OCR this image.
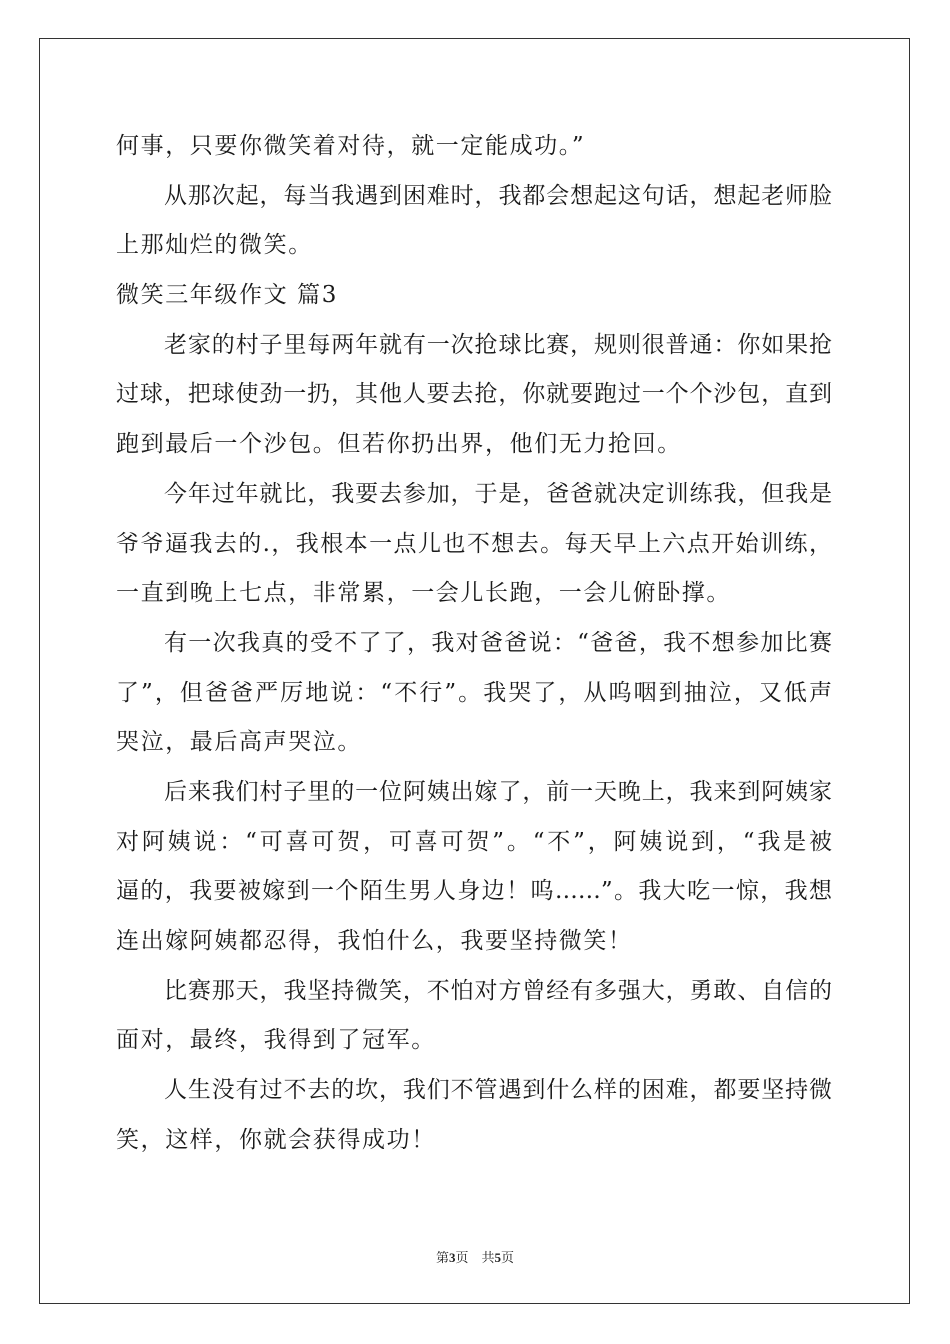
何事，只要你微笑着对待，就一定能成功。”
从那次起，每当我遇到困难时，我都会想起这句话，想起老师脸
上那灿烂的微笑。
微笑三年级作文 篇3
老家的村子里每两年就有一次抢球比赛，规则很普通：你如果抢
过球，把球使劲一扔，其他人要去抢，你就要跑过一个个沙包，直到
跑到最后一个沙包。但若你扔出界，他们无力抢回。
今年过年就比，我要去参加，于是，爸爸就决定训练我，但我是
爷爷逼我去的.，我根本一点儿也不想去。每天早上六点开始训练，
一直到晚上七点，非常累，一会儿长跑，一会儿俯卧撑。
有一次我真的受不了了，我对爸爸说：“爸爸，我不想参加比赛
了”，但爸爸严厉地说：“不行”。我哭了，从呜咽到抽泣，又低声
哭泣，最后高声哭泣。
后来我们村子里的一位阿姨出嫁了，前一天晚上，我来到阿姨家
对阿姨说：“可喜可贺，可喜可贺”。“不”，阿姨说到，“我是被
逼的，我要被嫁到一个陌生男人身边！呜……”。我大吃一惊，我想
连出嫁阿姨都忍得，我怕什么，我要坚持微笑！
比赛那天，我坚持微笑，不怕对方曾经有多强大，勇敢、自信的
面对，最终，我得到了冠军。
人生没有过不去的坎，我们不管遇到什么样的困难，都要坚持微
笑，这样，你就会获得成功！
第3页　共5页
